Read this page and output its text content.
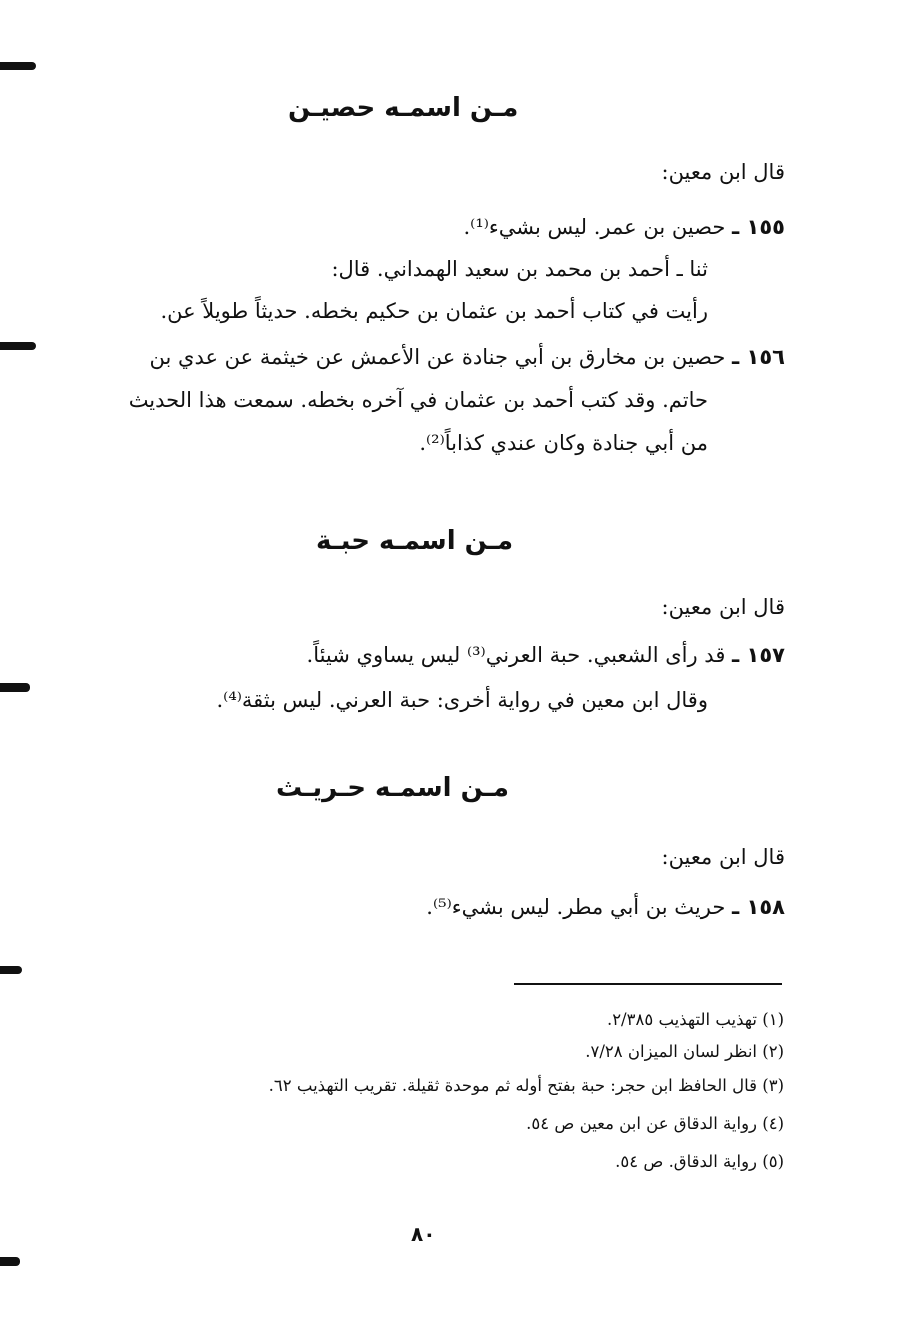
مـن اسمـه حصيـن
قال ابن معين:
١٥٥ ـ حصين بن عمر. ليس بشيء⁽¹⁾.
ثنا ـ أحمد بن محمد بن سعيد الهمداني. قال:
رأيت في كتاب أحمد بن عثمان بن حكيم بخطه. حديثاً طويلاً عن.
١٥٦ ـ حصين بن مخارق بن أبي جنادة عن الأعمش عن خيثمة عن عدي بن
حاتم. وقد كتب أحمد بن عثمان في آخره بخطه. سمعت هذا الحديث
من أبي جنادة وكان عندي كذاباً⁽²⁾.
مـن اسمـه حبـة
قال ابن معين:
١٥٧ ـ قد رأى الشعبي. حبة العرني⁽³⁾ ليس يساوي شيئاً.
وقال ابن معين في رواية أخرى: حبة العرني. ليس بثقة⁽⁴⁾.
مـن اسمـه حـريـث
قال ابن معين:
١٥٨ ـ حريث بن أبي مطر. ليس بشيء⁽⁵⁾.
(١) تهذيب التهذيب ٢/٣٨٥.
(٢) انظر لسان الميزان ٧/٢٨.
(٣) قال الحافظ ابن حجر: حبة بفتح أوله ثم موحدة ثقيلة. تقريب التهذيب ٦٢.
(٤) رواية الدقاق عن ابن معين ص ٥٤.
(٥) رواية الدقاق. ص ٥٤.
٨٠
